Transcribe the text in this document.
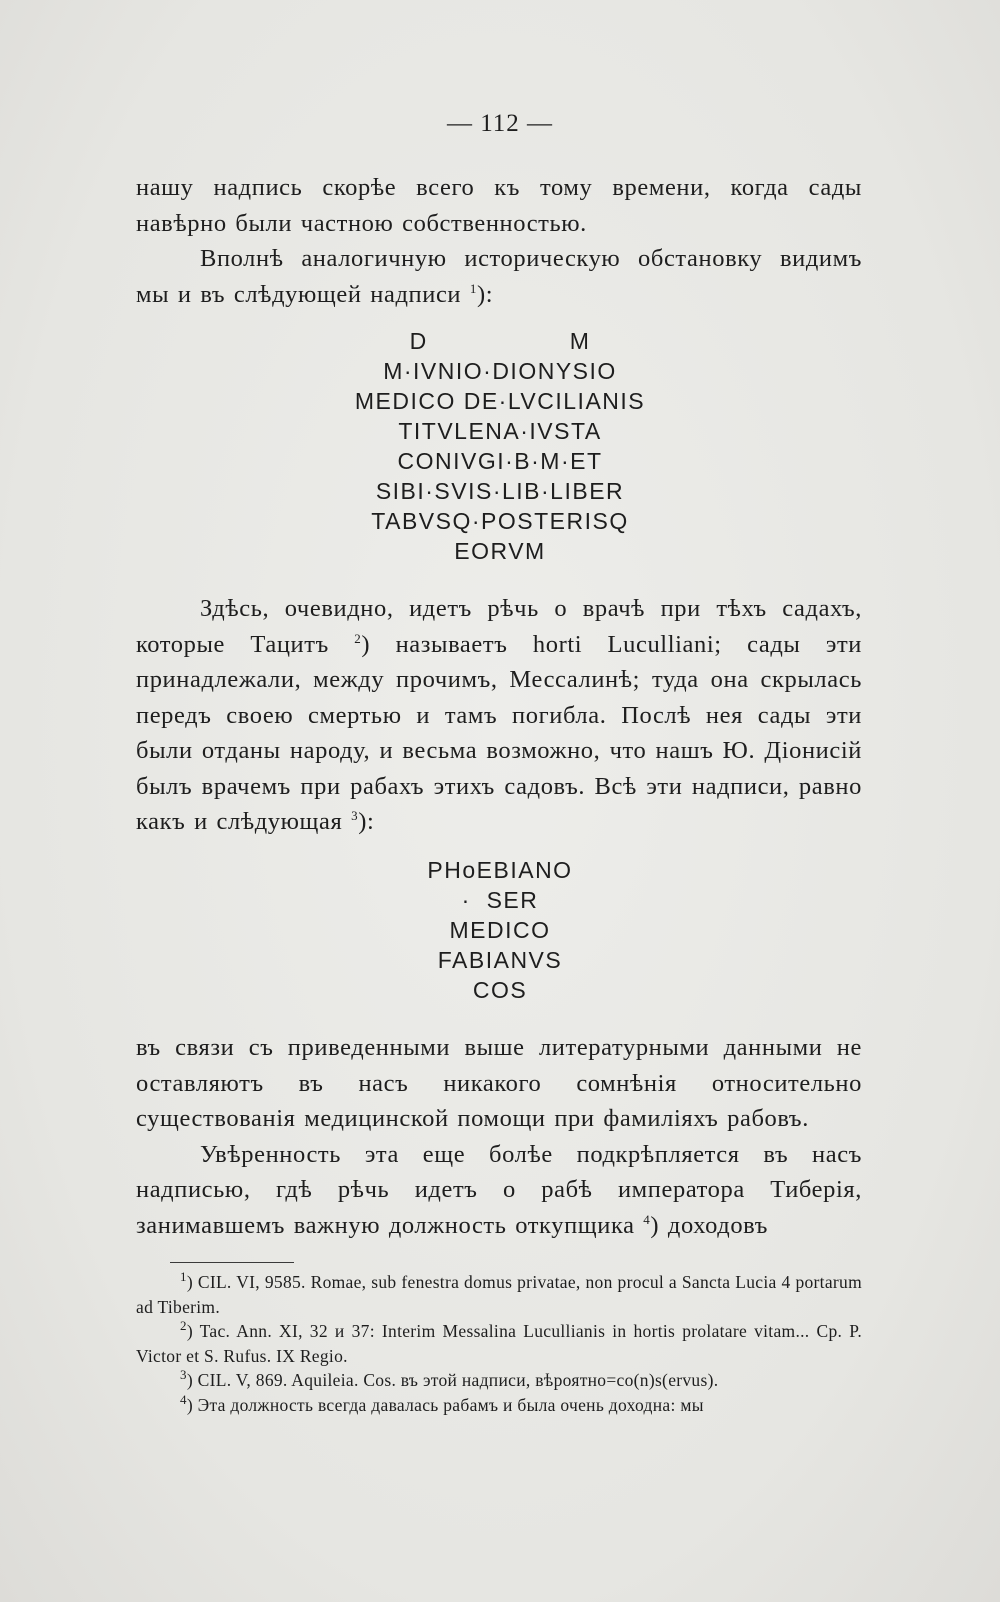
— 112 —

нашу надпись скорѣе всего къ тому времени, когда сады навѣрно были частною собственностью.

Вполнѣ аналогичную историческую обстановку видимъ мы и въ слѣдующей надписи $^1$):

D                  M
M·IVNIO·DIONYSIO
MEDICO DE·LVCILIANIS
TITVLENA·IVSTA
CONIVGI·B·M·ET
SIBI·SVIS·LIB·LIBER
TABVSQ·POSTERISQ
EORVM

Здѣсь, очевидно, идетъ рѣчь о врачѣ при тѣхъ садахъ, которые Тацитъ $^2$) называетъ horti Luculliani; сады эти принадлежали, между прочимъ, Мессалинѣ; туда она скрылась передъ своею смертью и тамъ погибла. Послѣ нея сады эти были отданы народу, и весьма возможно, что нашъ Ю. Діонисій былъ врачемъ при рабахъ этихъ садовъ. Всѣ эти надписи, равно какъ и слѣдующая $^3$):

PHoEBIANO
·  SER
MEDICO
FABIANVS
COS

въ связи съ приведенными выше литературными данными не оставляютъ въ насъ никакого сомнѣнія относительно существованія медицинской помощи при фамиліяхъ рабовъ.

Увѣренность эта еще болѣе подкрѣпляется въ насъ надписью, гдѣ рѣчь идетъ о рабѣ императора Тиберія, занимавшемъ важную должность откупщика $^4$) доходовъ

$^1$) CIL. VI, 9585. Romae, sub fenestra domus privatae, non procul a Sancta Lucia 4 portarum ad Tiberim.

$^2$) Tac. Ann. XI, 32 и 37: Interim Messalina Lucullianis in hortis prolatare vitam... Ср. P. Victor et S. Rufus. IX Regio.

$^3$) CIL. V, 869. Aquileia. Cos. въ этой надписи, вѣроятно=co(n)s(ervus).

$^4$) Эта должность всегда давалась рабамъ и была очень доходна: мы
